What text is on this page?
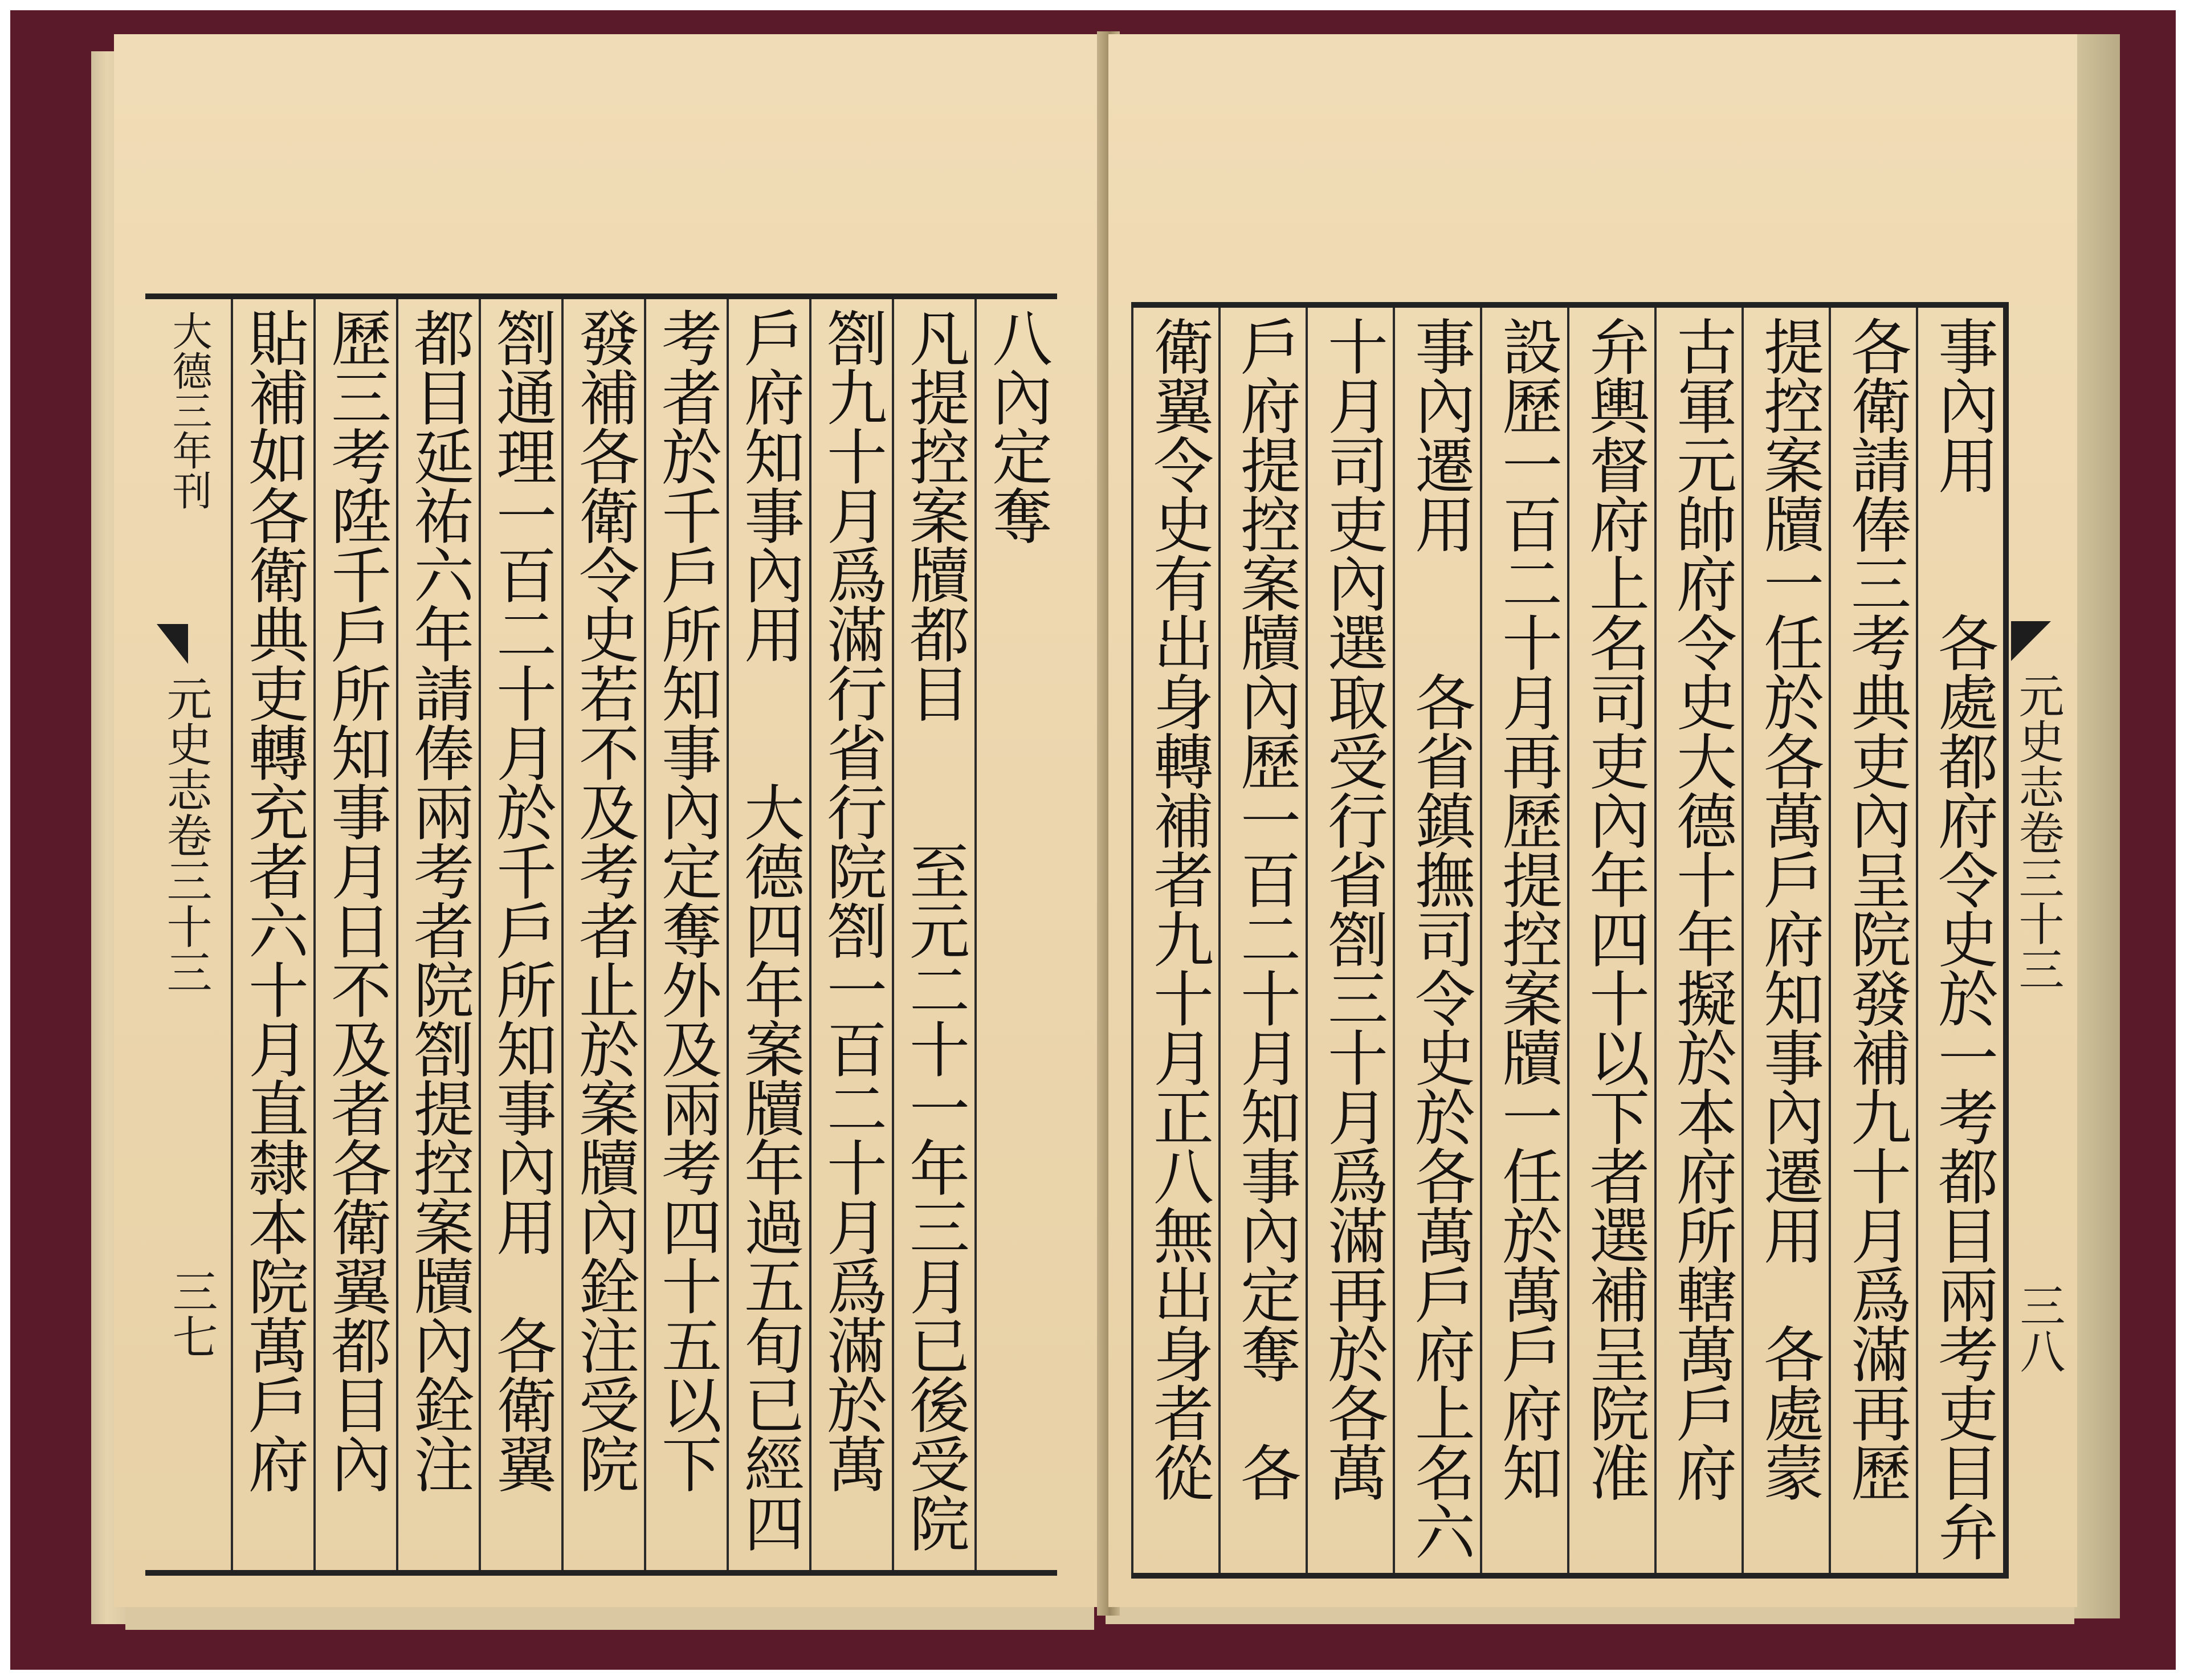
大德三年刊
元史志卷三十三
三七
八內定奪
凡提控案牘都目　　至元二十一年三月已後受院
劄九十月爲滿行省行院劄一百二十月爲滿於萬
戶府知事內用　　大德四年案牘年過五旬已經四
考者於千戶所知事內定奪外及兩考四十五以下
發補各衛令史若不及考者止於案牘內銓注受院
劄通理一百二十月於千戶所知事內用　各衛翼
都目延祐六年請俸兩考者院劄提控案牘內銓注
歷三考陞千戶所知事月日不及者各衛翼都目內
貼補如各衛典吏轉充者六十月直隸本院萬戶府	事內用　　各處都府令史於一考都目兩考吏目弁
各衛請俸三考典吏內呈院發補九十月爲滿再歷
提控案牘一任於各萬戶府知事內遷用　各處蒙
古軍元帥府令史大德十年擬於本府所轄萬戶府
弁輿督府上名司吏內年四十以下者選補呈院准
設歷一百二十月再歷提控案牘一任於萬戶府知
事內遷用　　各省鎮撫司令史於各萬戶府上名六
十月司吏內選取受行省劄三十月爲滿再於各萬
戶府提控案牘內歷一百二十月知事內定奪　各
衛翼令史有出身轉補者九十月正八無出身者從	元史志卷三十三
三八
